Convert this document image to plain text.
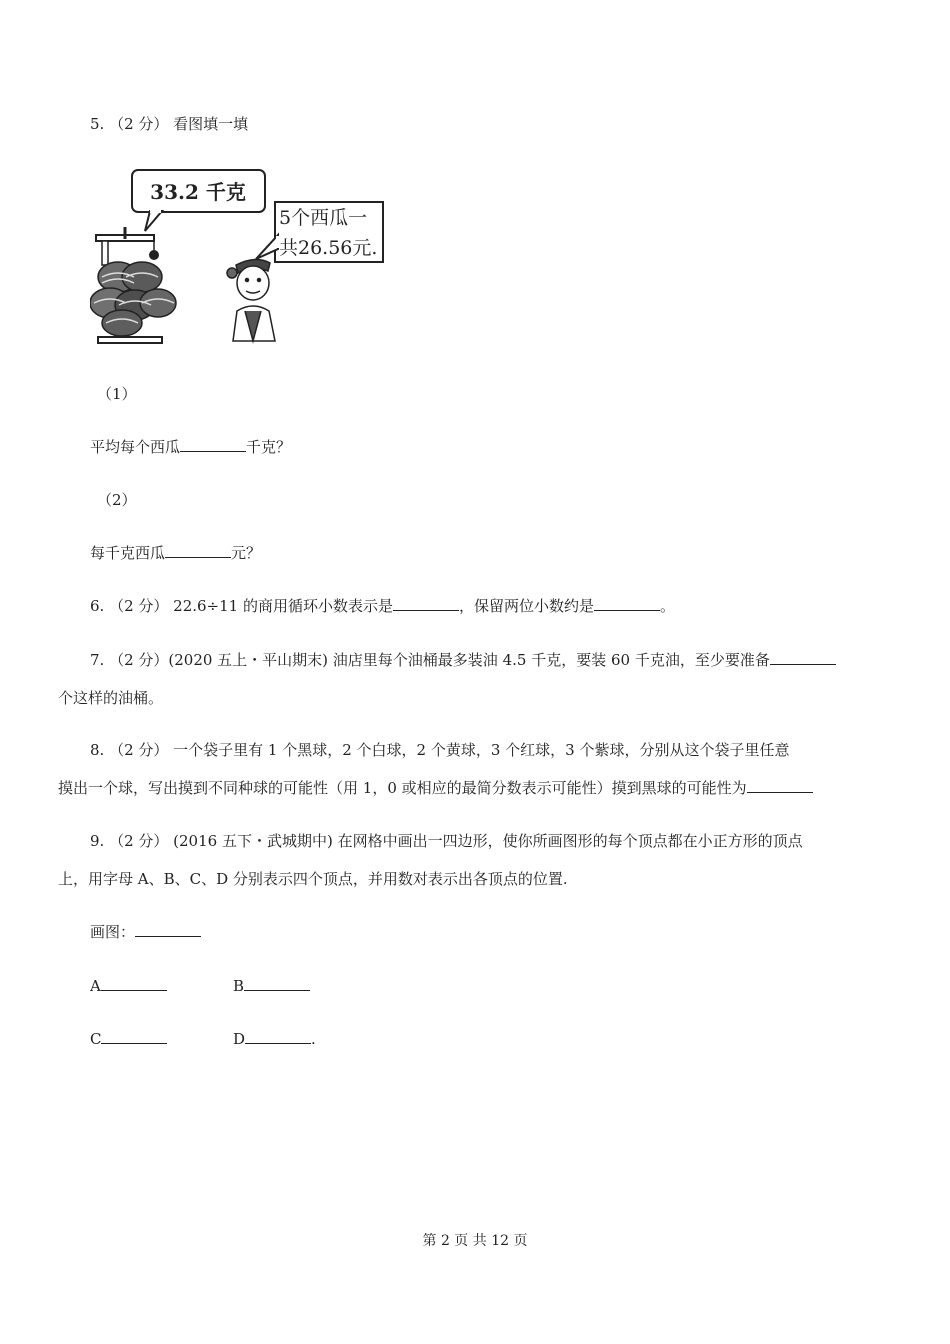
5. （2 分） 看图填一填
33.2 千克
5个西瓜一
共26.56元.
（1）
平均每个西瓜	千克？
（2）
每千克西瓜	元？
6. （2 分） 22.6÷11 的商用循环小数表示是	，保留两位小数约是	。
7. （2 分）(2020 五上・平山期末) 油店里每个油桶最多装油 4.5 千克，要装 60 千克油，至少要准备
个这样的油桶。
8. （2 分） 一个袋子里有 1 个黑球，2 个白球，2 个黄球，3 个红球，3 个紫球，分别从这个袋子里任意
摸出一个球，写出摸到不同种球的可能性（用 1，0 或相应的最简分数表示可能性）摸到黑球的可能性为
9. （2 分） (2016 五下・武城期中) 在网格中画出一四边形，使你所画图形的每个顶点都在小正方形的顶点
上，用字母 A、B、C、D 分别表示四个顶点，并用数对表示出各顶点的位置.
画图：
A	B
C	D	.
第 2 页 共 12 页
